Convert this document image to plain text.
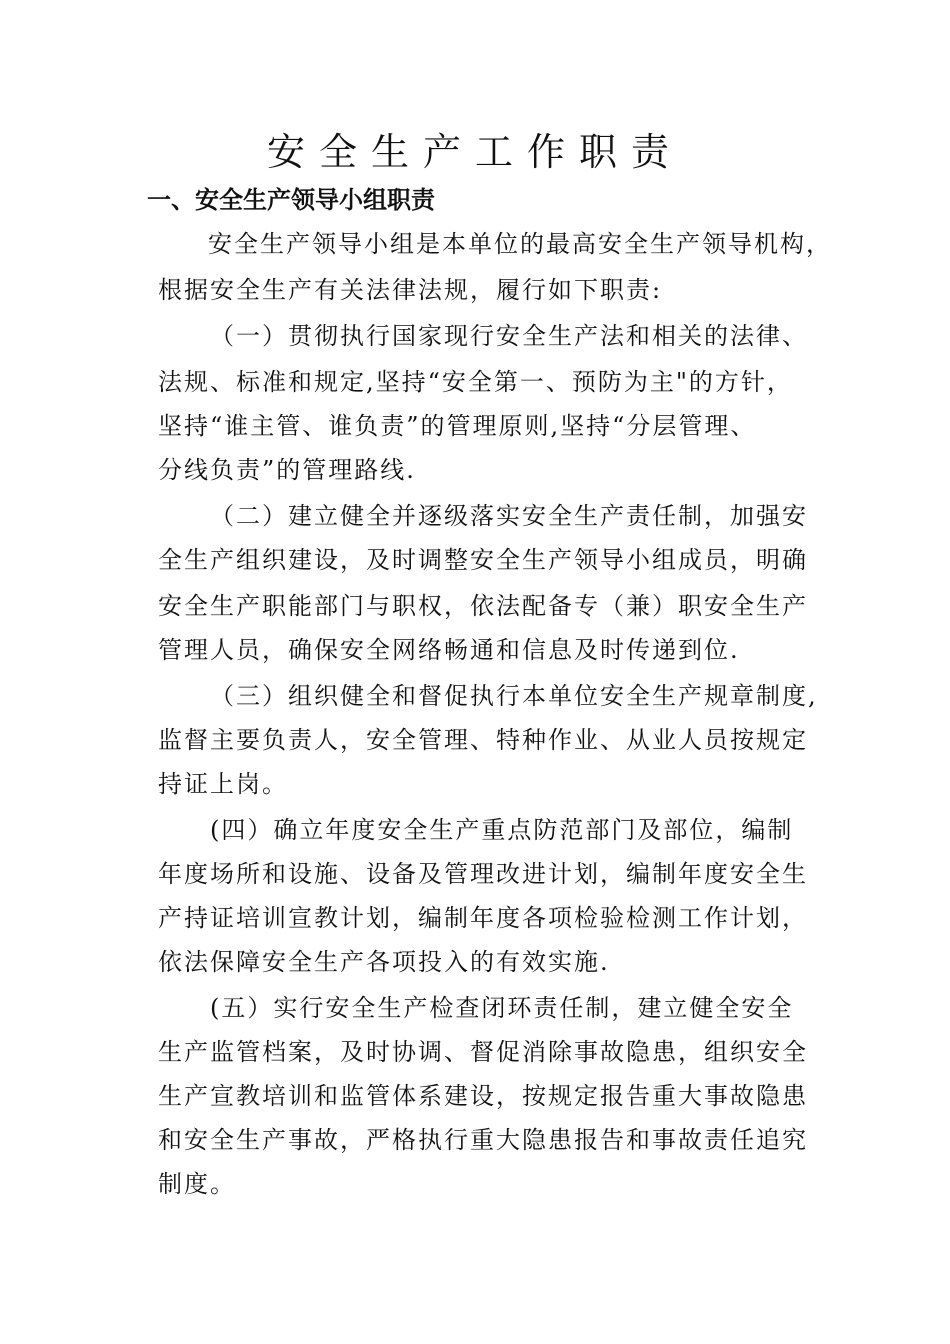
安全生产工作职责
一、安全生产领导小组职责
安全生产领导小组是本单位的最高安全生产领导机构，
根据安全生产有关法律法规，履行如下职责:
（一）贯彻执行国家现行安全生产法和相关的法律、
法规、标准和规定,坚持“安全第一、预防为主"的方针，
坚持“谁主管、谁负责”的管理原则,坚持“分层管理、
分线负责”的管理路线.
（二）建立健全并逐级落实安全生产责任制，加强安
全生产组织建设，及时调整安全生产领导小组成员，明确
安全生产职能部门与职权，依法配备专（兼）职安全生产
管理人员，确保安全网络畅通和信息及时传递到位.
（三）组织健全和督促执行本单位安全生产规章制度,
监督主要负责人，安全管理、特种作业、从业人员按规定
持证上岗。
(四）确立年度安全生产重点防范部门及部位，编制
年度场所和设施、设备及管理改进计划，编制年度安全生
产持证培训宣教计划，编制年度各项检验检测工作计划，
依法保障安全生产各项投入的有效实施.
(五）实行安全生产检查闭环责任制，建立健全安全
生产监管档案，及时协调、督促消除事故隐患，组织安全
生产宣教培训和监管体系建设，按规定报告重大事故隐患
和安全生产事故，严格执行重大隐患报告和事故责任追究
制度。
